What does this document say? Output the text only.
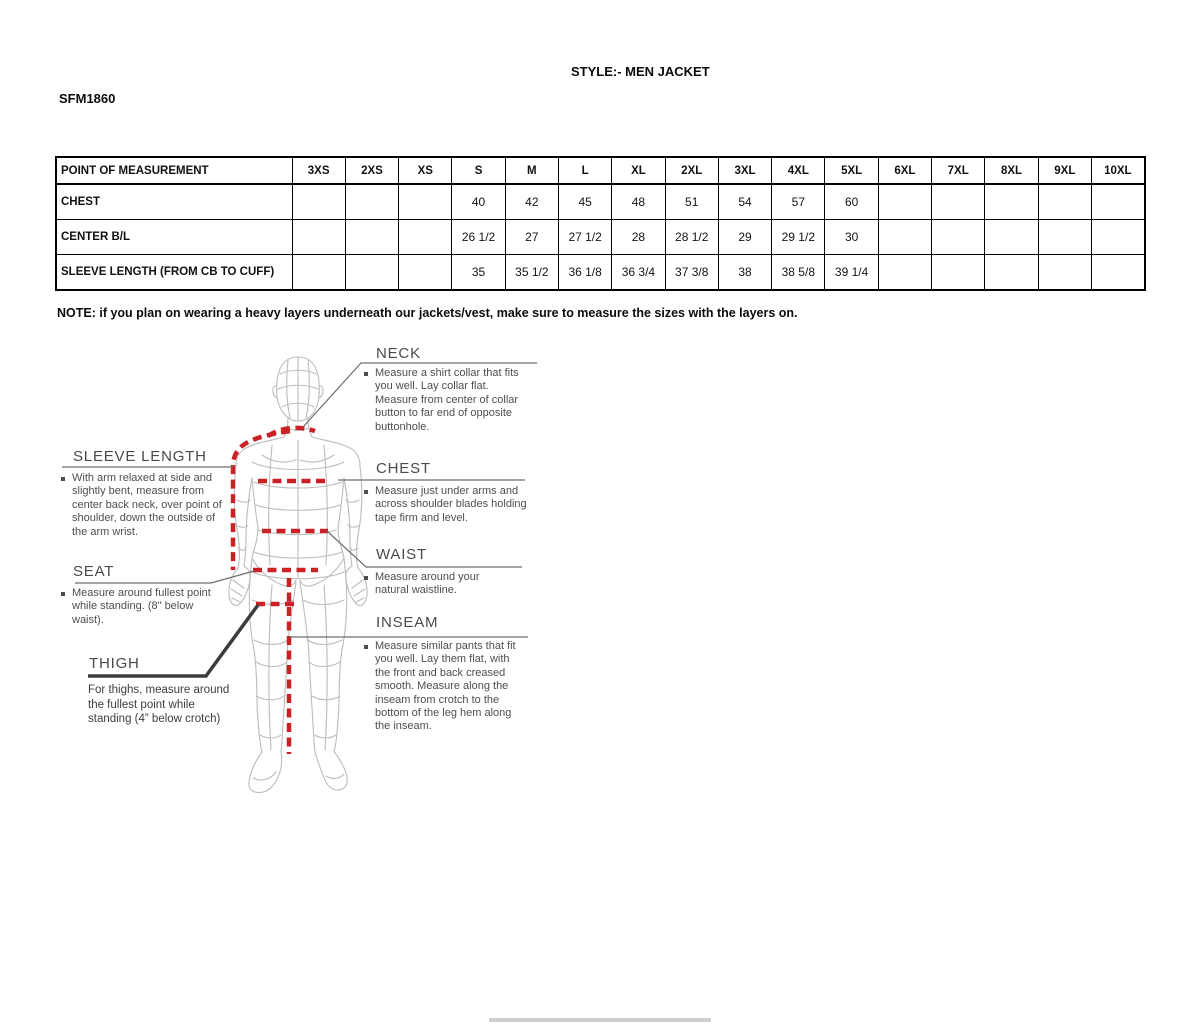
STYLE:- MEN JACKET
SFM1860
POINT OF MEASUREMENT	3XS	2XS	XS	S	M	L	XL	2XL	3XL	4XL	5XL	6XL	7XL	8XL	9XL	10XL
CHEST				40	42	45	48	51	54	57	60					
CENTER B/L				26 1/2	27	27 1/2	28	28 1/2	29	29 1/2	30					
SLEEVE LENGTH (FROM CB TO CUFF)				35	35 1/2	36 1/8	36 3/4	37 3/8	38	38 5/8	39 1/4					
NOTE: if you plan on wearing a heavy layers underneath our jackets/vest, make sure to measure the sizes with the layers on.
NECK
Measure a shirt collar that fits you well. Lay collar flat. Measure from center of collar button to far end of opposite buttonhole.
SLEEVE LENGTH
With arm relaxed at side and slightly bent, measure from center back neck, over point of shoulder, down the outside of the arm wrist.
CHEST
Measure just under arms and across shoulder blades holding tape firm and level.
WAIST
Measure around your natural waistline.
SEAT
Measure around fullest point while standing. (8" below waist).
THIGH
For thighs, measure around the fullest point while standing (4” below crotch)
INSEAM
Measure similar pants that fit you well. Lay them flat, with the front and back creased smooth. Measure along the inseam from crotch to the bottom of the leg hem along the inseam.
